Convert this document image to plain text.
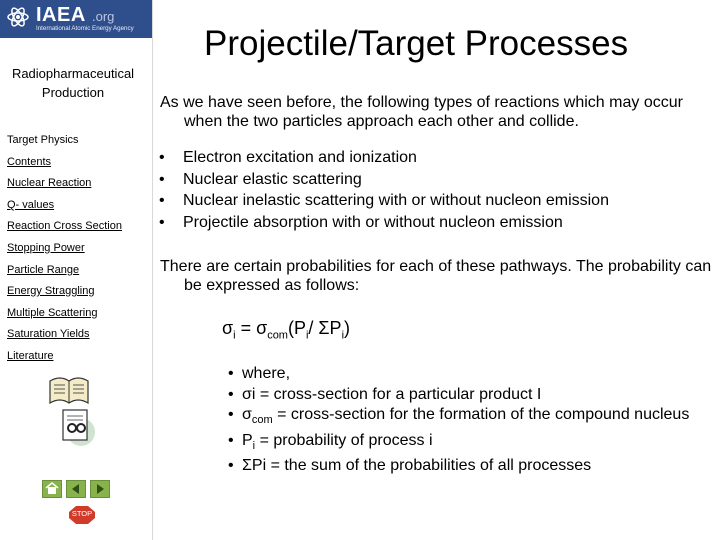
IAEA .org
International Atomic Energy Agency
Radiopharmaceutical Production
Target Physics
Contents
Nuclear Reaction
Q- values
Reaction Cross Section
Stopping Power
Particle Range
Energy Straggling
Multiple Scattering
Saturation Yields
Literature
STOP
Projectile/Target Processes
As we have seen before, the following types of reactions which may occur when the two particles approach each other and collide.
• Electron excitation and ionization
• Nuclear elastic scattering
• Nuclear inelastic scattering with or without nucleon emission
• Projectile absorption with or without nucleon emission
There are certain probabilities for each of these pathways. The probability can be expressed as follows:
$\sigma_i = \sigma_{com}(P_i/$ $\Sigma P_i$)
• where,
• σi = cross-section for a particular product I
• $\sigma_{com}$ = cross-section for the formation of the compound nucleus
• $P_i$ = probability of process i
• ΣPi = the sum of the probabilities of all processes
